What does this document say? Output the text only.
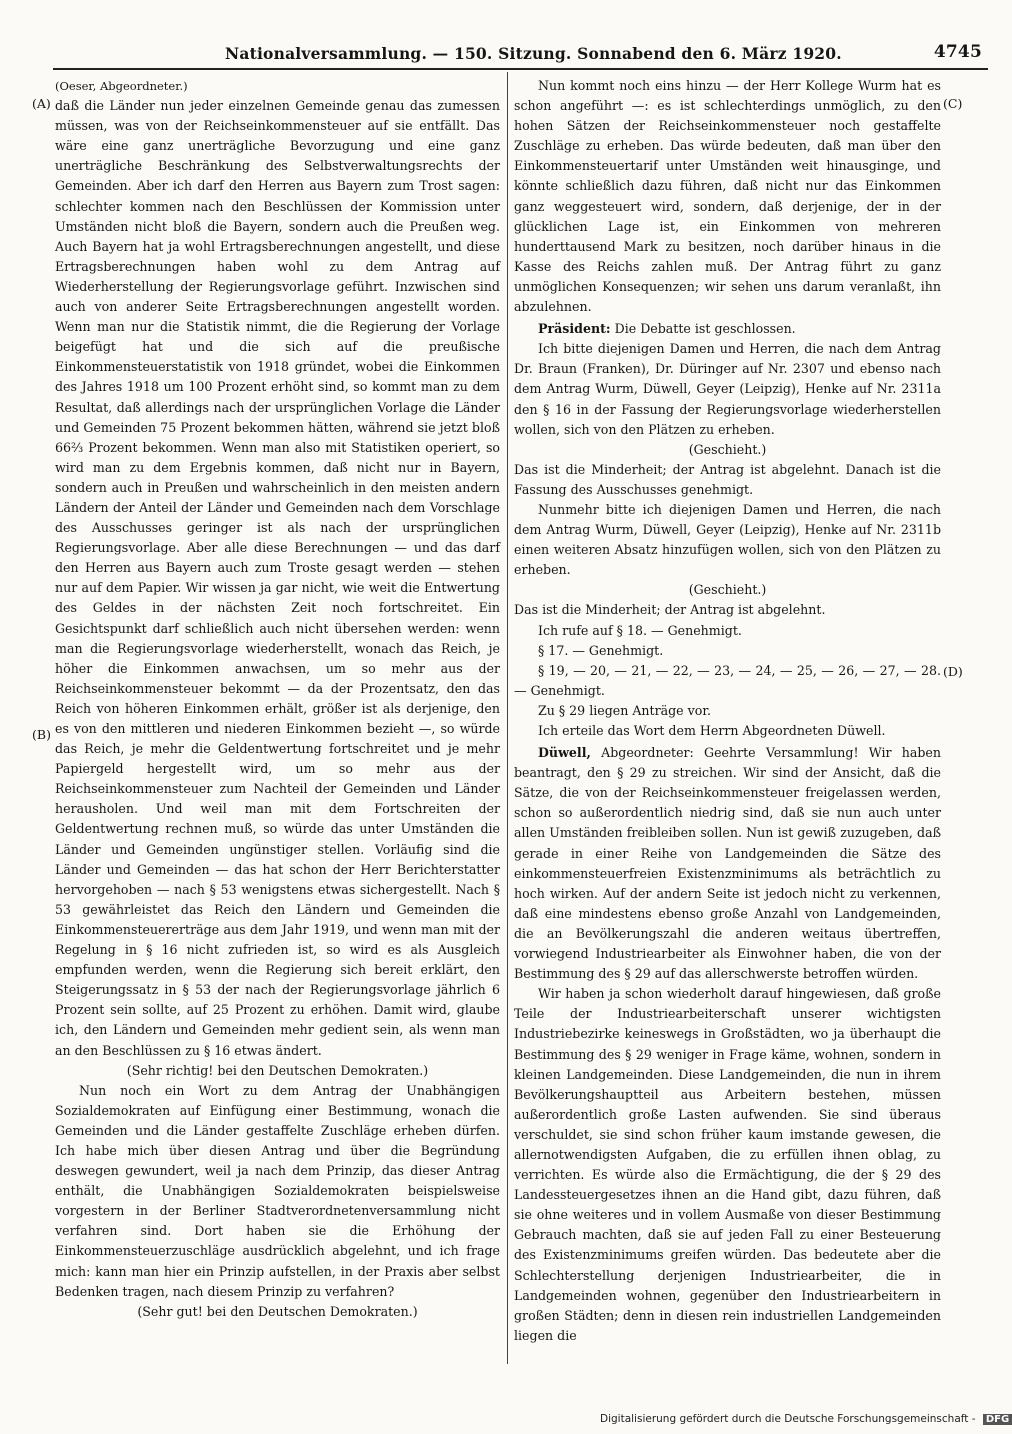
Nationalversammlung. — 150. Sitzung. Sonnabend den 6. März 1920.	4745
(A)
(B)
(C)
(D)

(Oeser, Abgeordneter.)

daß die Länder nun jeder einzelnen Gemeinde genau das zumessen müssen, was von der Reichseinkommensteuer auf sie entfällt. Das wäre eine ganz unerträgliche Bevorzugung und eine ganz unerträgliche Beschränkung des Selbstverwaltungsrechts der Gemeinden. Aber ich darf den Herren aus Bayern zum Trost sagen: schlechter kommen nach den Beschlüssen der Kommission unter Umständen nicht bloß die Bayern, sondern auch die Preußen weg. Auch Bayern hat ja wohl Ertragsberechnungen angestellt, und diese Ertragsberechnungen haben wohl zu dem Antrag auf Wiederherstellung der Regierungsvorlage geführt. Inzwischen sind auch von anderer Seite Ertragsberechnungen angestellt worden. Wenn man nur die Statistik nimmt, die die Regierung der Vorlage beigefügt hat und die sich auf die preußische Einkommensteuerstatistik von 1918 gründet, wobei die Einkommen des Jahres 1918 um 100 Prozent erhöht sind, so kommt man zu dem Resultat, daß allerdings nach der ursprünglichen Vorlage die Länder und Gemeinden 75 Prozent bekommen hätten, während sie jetzt bloß 66⅔ Prozent bekommen. Wenn man also mit Statistiken operiert, so wird man zu dem Ergebnis kommen, daß nicht nur in Bayern, sondern auch in Preußen und wahrscheinlich in den meisten andern Ländern der Anteil der Länder und Gemeinden nach dem Vorschlage des Ausschusses geringer ist als nach der ursprünglichen Regierungsvorlage. Aber alle diese Berechnungen — und das darf den Herren aus Bayern auch zum Troste gesagt werden — stehen nur auf dem Papier. Wir wissen ja gar nicht, wie weit die Entwertung des Geldes in der nächsten Zeit noch fortschreitet. Ein Gesichtspunkt darf schließlich auch nicht übersehen werden: wenn man die Regierungsvorlage wiederherstellt, wonach das Reich, je höher die Einkommen anwachsen, um so mehr aus der Reichseinkommensteuer bekommt — da der Prozentsatz, den das Reich von höheren Einkommen erhält, größer ist als derjenige, den es von den mittleren und niederen Einkommen bezieht —, so würde das Reich, je mehr die Geldentwertung fortschreitet und je mehr Papiergeld hergestellt wird, um so mehr aus der Reichseinkommensteuer zum Nachteil der Gemeinden und Länder herausholen. Und weil man mit dem Fortschreiten der Geldentwertung rechnen muß, so würde das unter Umständen die Länder und Gemeinden ungünstiger stellen. Vorläufig sind die Länder und Gemeinden — das hat schon der Herr Berichterstatter hervorgehoben — nach § 53 wenigstens etwas sichergestellt. Nach § 53 gewährleistet das Reich den Ländern und Gemeinden die Einkommensteuererträge aus dem Jahr 1919, und wenn man mit der Regelung in § 16 nicht zufrieden ist, so wird es als Ausgleich empfunden werden, wenn die Regierung sich bereit erklärt, den Steigerungssatz in § 53 der nach der Regierungsvorlage jährlich 6 Prozent sein sollte, auf 25 Prozent zu erhöhen. Damit wird, glaube ich, den Ländern und Gemeinden mehr gedient sein, als wenn man an den Beschlüssen zu § 16 etwas ändert.

(Sehr richtig! bei den Deutschen Demokraten.)

Nun noch ein Wort zu dem Antrag der Unabhängigen Sozialdemokraten auf Einfügung einer Bestimmung, wonach die Gemeinden und die Länder gestaffelte Zuschläge erheben dürfen. Ich habe mich über diesen Antrag und über die Begründung deswegen gewundert, weil ja nach dem Prinzip, das dieser Antrag enthält, die Unabhängigen Sozialdemokraten beispielsweise vorgestern in der Berliner Stadtverordnetenversammlung nicht verfahren sind. Dort haben sie die Erhöhung der Einkommensteuerzuschläge ausdrücklich abgelehnt, und ich frage mich: kann man hier ein Prinzip aufstellen, in der Praxis aber selbst Bedenken tragen, nach diesem Prinzip zu verfahren?

(Sehr gut! bei den Deutschen Demokraten.)

Nun kommt noch eins hinzu — der Herr Kollege Wurm hat es schon angeführt —: es ist schlechterdings unmöglich, zu den hohen Sätzen der Reichseinkommensteuer noch gestaffelte Zuschläge zu erheben. Das würde bedeuten, daß man über den Einkommensteuertarif unter Umständen weit hinausginge, und könnte schließlich dazu führen, daß nicht nur das Einkommen ganz weggesteuert wird, sondern, daß derjenige, der in der glücklichen Lage ist, ein Einkommen von mehreren hunderttausend Mark zu besitzen, noch darüber hinaus in die Kasse des Reichs zahlen muß. Der Antrag führt zu ganz unmöglichen Konsequenzen; wir sehen uns darum veranlaßt, ihn abzulehnen.

Präsident: Die Debatte ist geschlossen.

Ich bitte diejenigen Damen und Herren, die nach dem Antrag Dr. Braun (Franken), Dr. Düringer auf Nr. 2307 und ebenso nach dem Antrag Wurm, Düwell, Geyer (Leipzig), Henke auf Nr. 2311a den § 16 in der Fassung der Regierungsvorlage wiederherstellen wollen, sich von den Plätzen zu erheben.

(Geschieht.)

Das ist die Minderheit; der Antrag ist abgelehnt. Danach ist die Fassung des Ausschusses genehmigt.

Nunmehr bitte ich diejenigen Damen und Herren, die nach dem Antrag Wurm, Düwell, Geyer (Leipzig), Henke auf Nr. 2311b einen weiteren Absatz hinzufügen wollen, sich von den Plätzen zu erheben.

(Geschieht.)

Das ist die Minderheit; der Antrag ist abgelehnt.

Ich rufe auf § 18. — Genehmigt.

§ 17. — Genehmigt.

§ 19, — 20, — 21, — 22, — 23, — 24, — 25, — 26, — 27, — 28. — Genehmigt.

Zu § 29 liegen Anträge vor.

Ich erteile das Wort dem Herrn Abgeordneten Düwell.

Düwell, Abgeordneter: Geehrte Versammlung! Wir haben beantragt, den § 29 zu streichen. Wir sind der Ansicht, daß die Sätze, die von der Reichseinkommensteuer freigelassen werden, schon so außerordentlich niedrig sind, daß sie nun auch unter allen Umständen freibleiben sollen. Nun ist gewiß zuzugeben, daß gerade in einer Reihe von Landgemeinden die Sätze des einkommensteuerfreien Existenzminimums als beträchtlich zu hoch wirken. Auf der andern Seite ist jedoch nicht zu verkennen, daß eine mindestens ebenso große Anzahl von Landgemeinden, die an Bevölkerungszahl die anderen weitaus übertreffen, vorwiegend Industriearbeiter als Einwohner haben, die von der Bestimmung des § 29 auf das allerschwerste betroffen würden.

Wir haben ja schon wiederholt darauf hingewiesen, daß große Teile der Industriearbeiterschaft unserer wichtigsten Industriebezirke keineswegs in Großstädten, wo ja überhaupt die Bestimmung des § 29 weniger in Frage käme, wohnen, sondern in kleinen Landgemeinden. Diese Landgemeinden, die nun in ihrem Bevölkerungshauptteil aus Arbeitern bestehen, müssen außerordentlich große Lasten aufwenden. Sie sind überaus verschuldet, sie sind schon früher kaum imstande gewesen, die allernotwendigsten Aufgaben, die zu erfüllen ihnen oblag, zu verrichten. Es würde also die Ermächtigung, die der § 29 des Landessteuergesetzes ihnen an die Hand gibt, dazu führen, daß sie ohne weiteres und in vollem Ausmaße von dieser Bestimmung Gebrauch machten, daß sie auf jeden Fall zu einer Besteuerung des Existenzminimums greifen würden. Das bedeutete aber die Schlechterstellung derjenigen Industriearbeiter, die in Landgemeinden wohnen, gegenüber den Industriearbeitern in großen Städten; denn in diesen rein industriellen Landgemeinden liegen die

Digitalisierung gefördert durch die Deutsche Forschungsgemeinschaft - DFG
